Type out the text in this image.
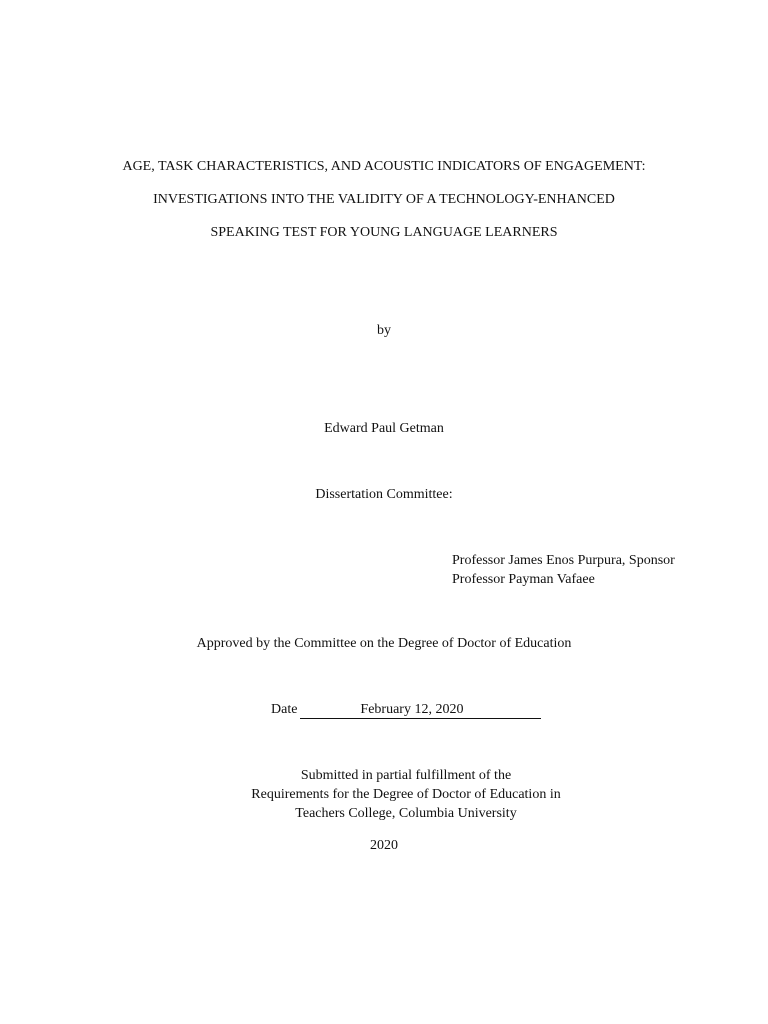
AGE, TASK CHARACTERISTICS, AND ACOUSTIC INDICATORS OF ENGAGEMENT:
INVESTIGATIONS INTO THE VALIDITY OF A TECHNOLOGY-ENHANCED
SPEAKING TEST FOR YOUNG LANGUAGE LEARNERS
by
Edward Paul Getman
Dissertation Committee:
Professor James Enos Purpura, Sponsor
Professor Payman Vafaee
Approved by the Committee on the Degree of Doctor of Education
Date	February 12, 2020
Submitted in partial fulfillment of the
Requirements for the Degree of Doctor of Education in
Teachers College, Columbia University
2020
